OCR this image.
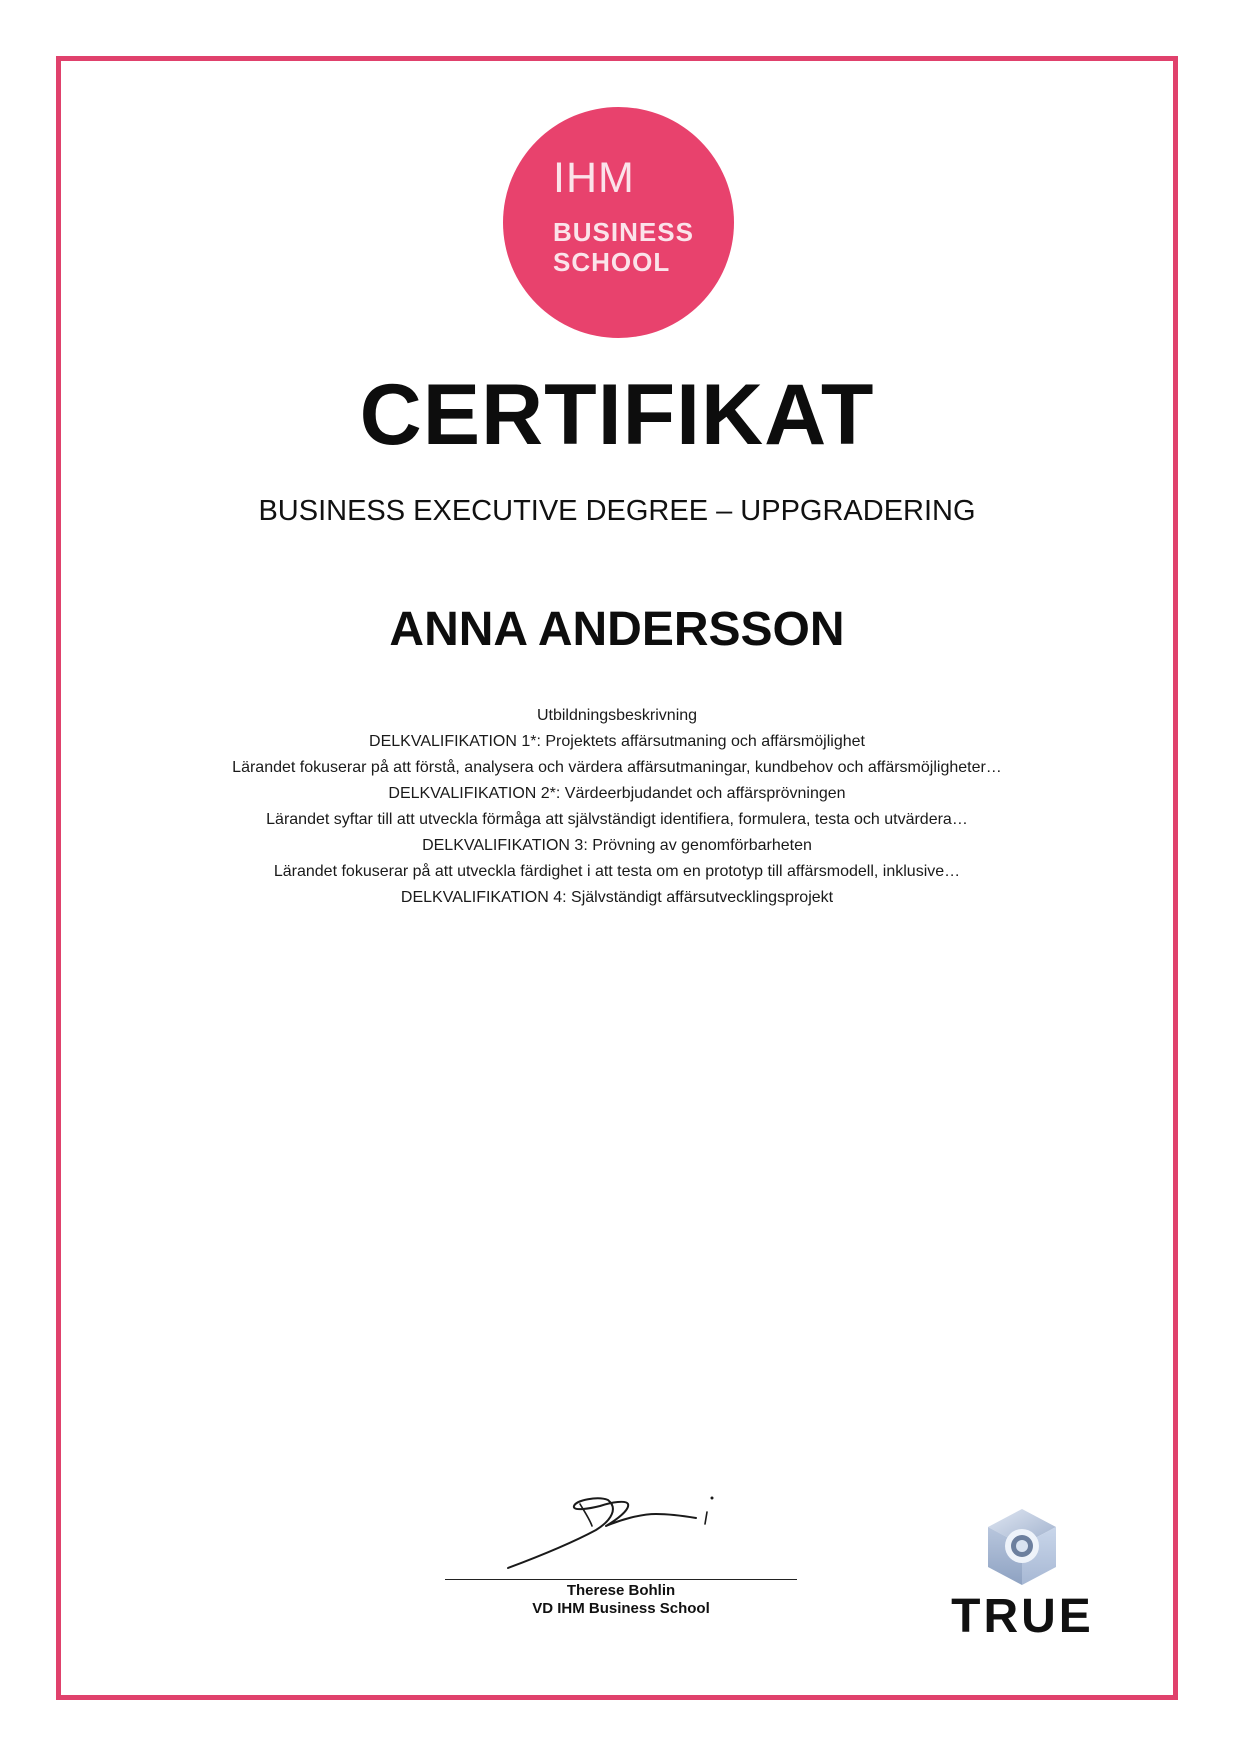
IHM
BUSINESS
SCHOOL
CERTIFIKAT
BUSINESS EXECUTIVE DEGREE – UPPGRADERING
ANNA ANDERSSON
Utbildningsbeskrivning
DELKVALIFIKATION 1*: Projektets affärsutmaning och affärsmöjlighet
Lärandet fokuserar på att förstå, analysera och värdera affärsutmaningar, kundbehov och affärsmöjligheter…
DELKVALIFIKATION 2*: Värdeerbjudandet och affärsprövningen
Lärandet syftar till att utveckla förmåga att självständigt identifiera, formulera, testa och utvärdera…
DELKVALIFIKATION 3: Prövning av genomförbarheten
Lärandet fokuserar på att utveckla färdighet i att testa om en prototyp till affärsmodell, inklusive…
DELKVALIFIKATION 4: Självständigt affärsutvecklingsprojekt
Therese Bohlin
VD IHM Business School	TRUE
